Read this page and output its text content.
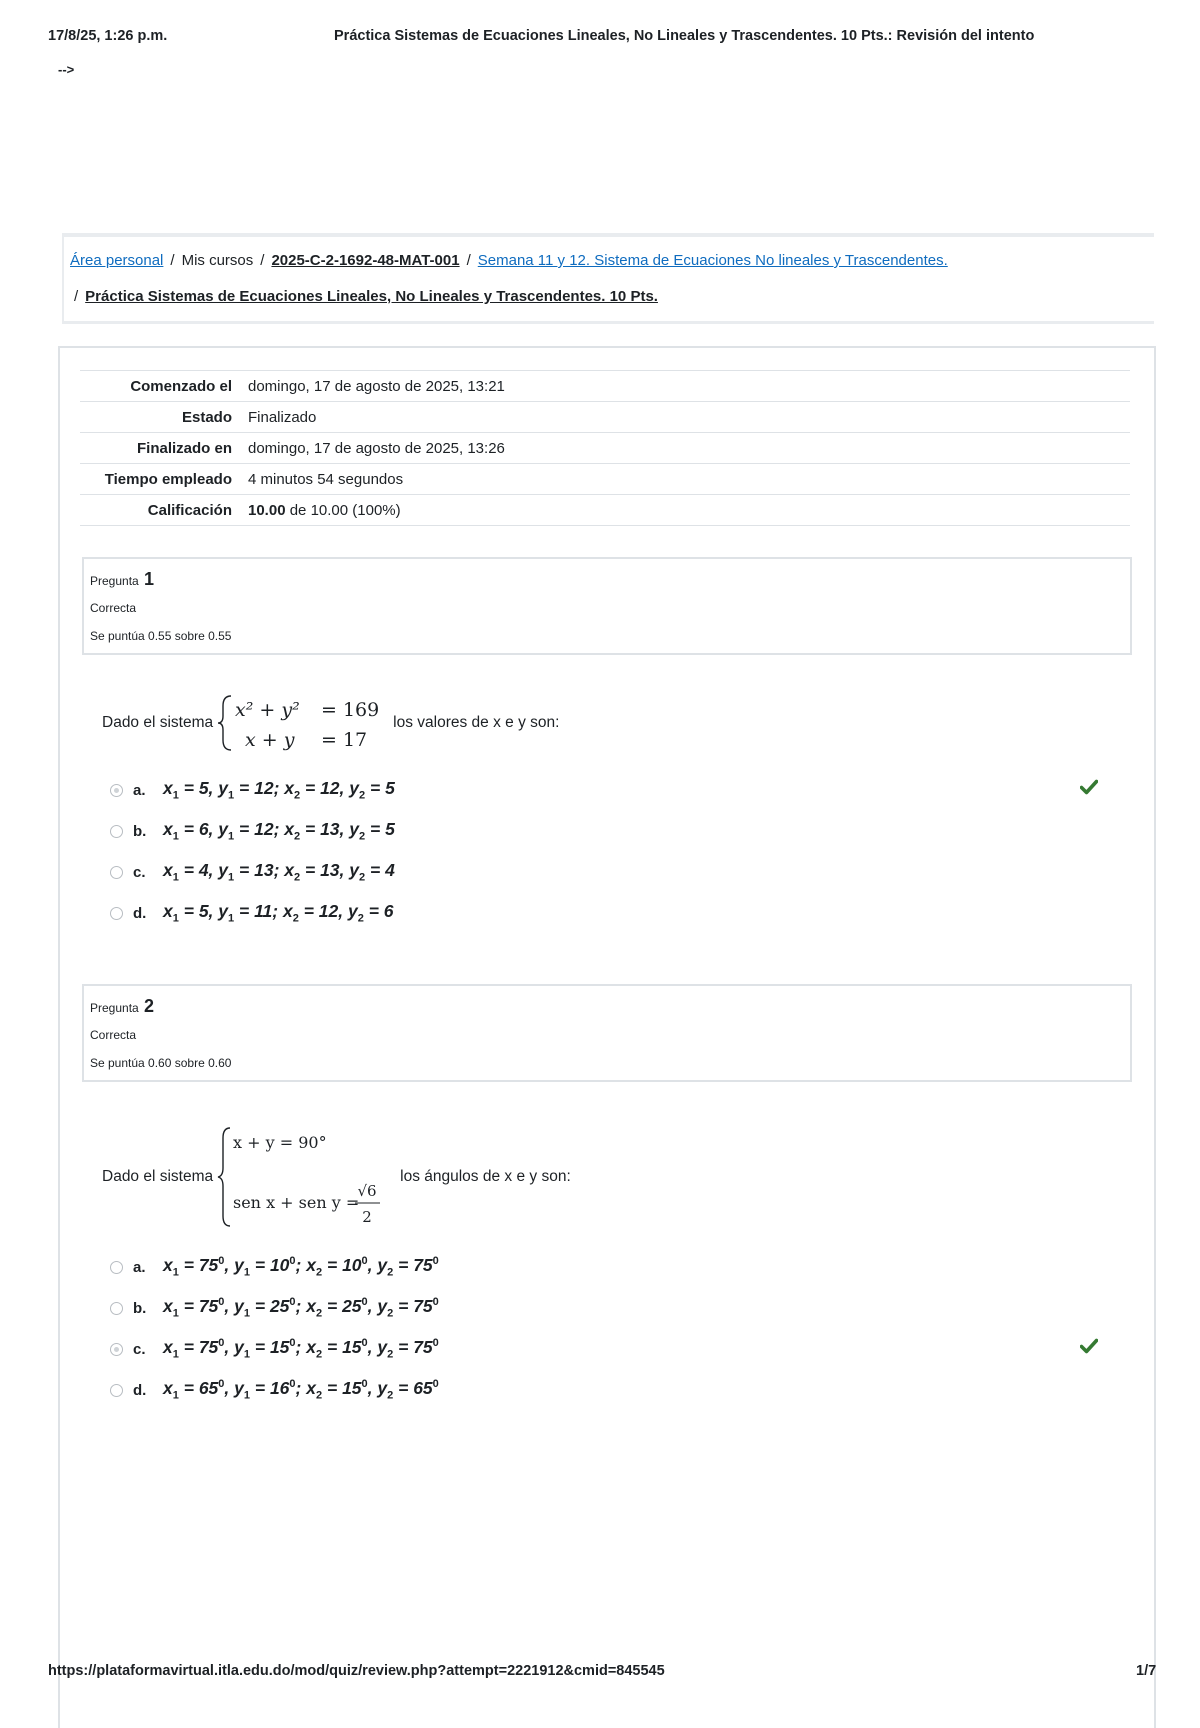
17/8/25, 1:26 p.m.	Práctica Sistemas de Ecuaciones Lineales, No Lineales y Trascendentes. 10 Pts.: Revisión del intento
-->
Área personal / Mis cursos / 2025-C-2-1692-48-MAT-001 / Semana 11 y 12. Sistema de Ecuaciones No lineales y Trascendentes.
/ Práctica Sistemas de Ecuaciones Lineales, No Lineales y Trascendentes. 10 Pts.
Comenzado el	domingo, 17 de agosto de 2025, 13:21
Estado	Finalizado
Finalizado en	domingo, 17 de agosto de 2025, 13:26
Tiempo empleado	4 minutos 54 segundos
Calificación	10.00 de 10.00 (100%)
Pregunta 1
Correcta
Se puntúa 0.55 sobre 0.55
Dado el sistema
x² + y² = 169
x + y = 17
los valores de x e y son:
a. $x_1 = 5$, $y_1 = 12$; $x_2 = 12$, $y_2 = 5$
b. $x_1 = 6$, $y_1 = 12$; $x_2 = 13$, $y_2 = 5$
c. $x_1 = 4$, $y_1 = 13$; $x_2 = 13$, $y_2 = 4$
d. $x_1 = 5$, $y_1 = 11$; $x_2 = 12$, $y_2 = 6$
Pregunta 2
Correcta
Se puntúa 0.60 sobre 0.60
Dado el sistema
x + y = 90°
sen x + sen y =
√6
2
los ángulos de x e y son:
a. $x_1 = 75^0$, $y_1 = 10^0$; $x_2 = 10^0$, $y_2 = 75^0$
b. $x_1 = 75^0$, $y_1 = 25^0$; $x_2 = 25^0$, $y_2 = 75^0$
c. $x_1 = 75^0$, $y_1 = 15^0$; $x_2 = 15^0$, $y_2 = 75^0$
d. $x_1 = 65^0$, $y_1 = 16^0$; $x_2 = 15^0$, $y_2 = 65^0$
https://plataformavirtual.itla.edu.do/mod/quiz/review.php?attempt=2221912&cmid=845545	1/7
